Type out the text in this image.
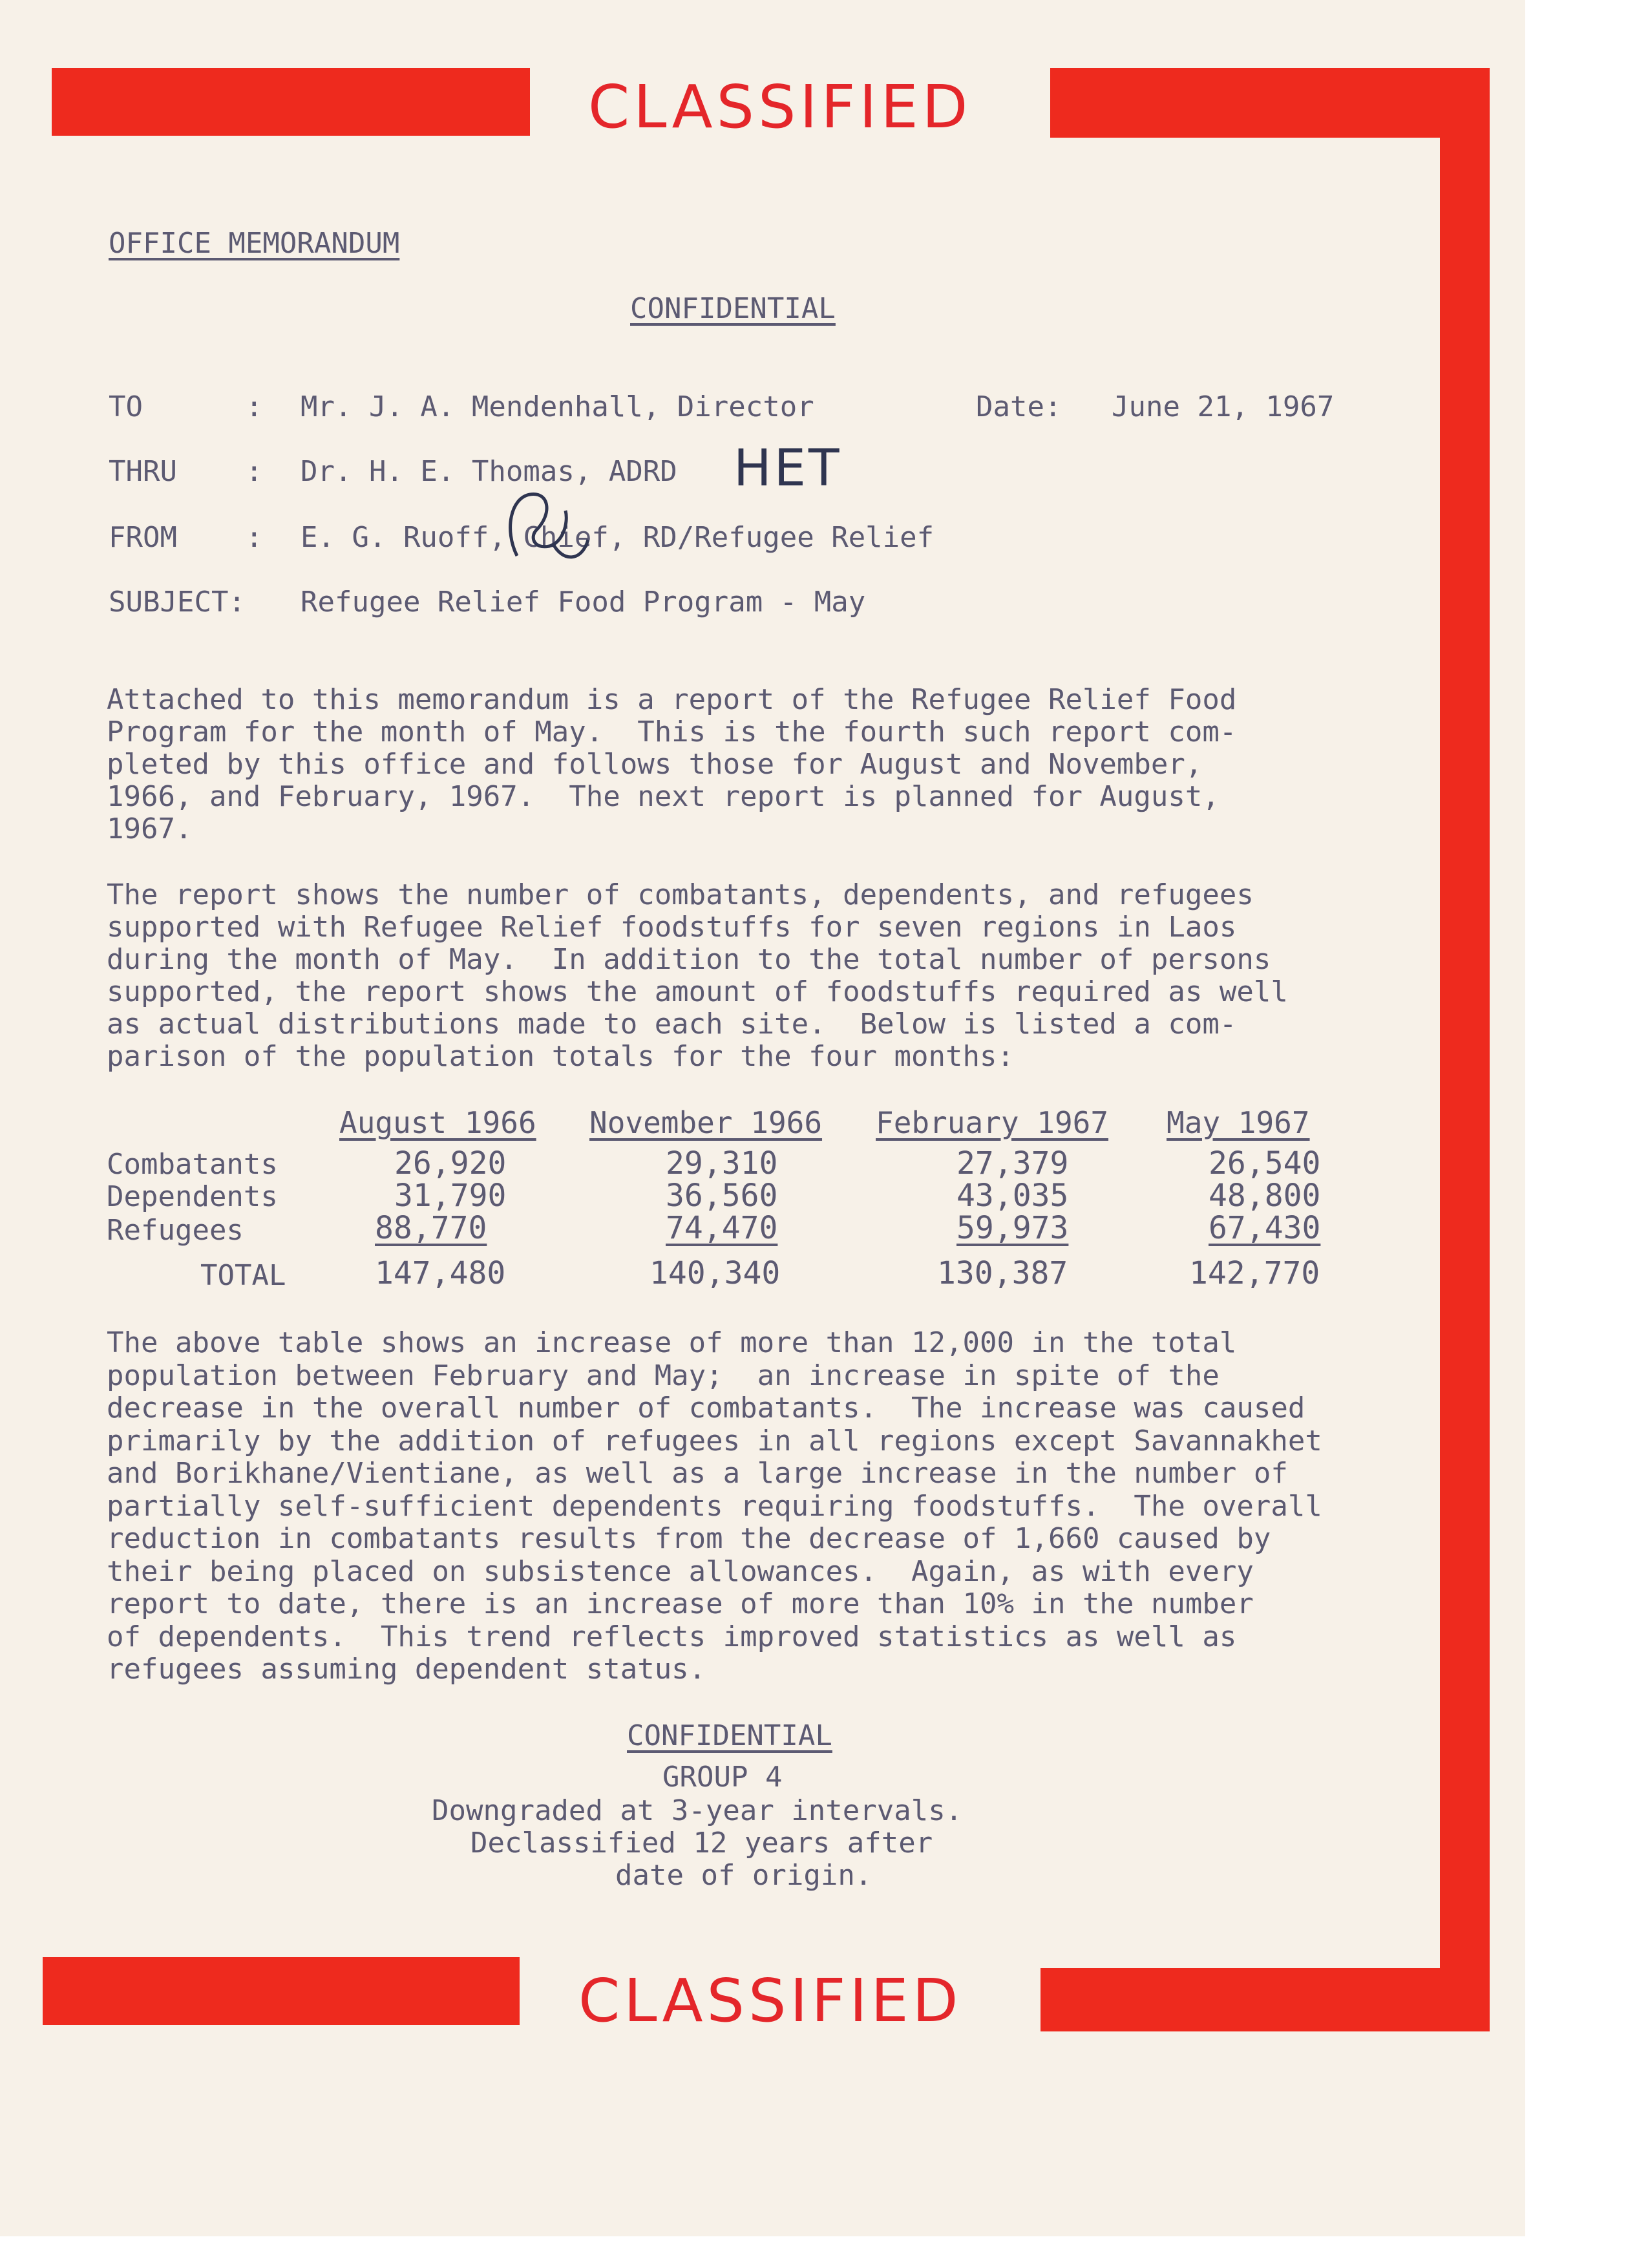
CLASSIFIED
CLASSIFIED
OFFICE MEMORANDUM
CONFIDENTIAL
TO	: Mr. J. A. Mendenhall, Director	Date: June 21, 1967
THRU : Dr. H. E. Thomas, ADRD HET
FROM : E. G. Ruoff, Chief, RD/Refugee Relief
SUBJECT: Refugee Relief Food Program - May
Attached to this memorandum is a report of the Refugee Relief Food
Program for the month of May.  This is the fourth such report com-
pleted by this office and follows those for August and November,
1966, and February, 1967.  The next report is planned for August,
1967.
The report shows the number of combatants, dependents, and refugees
supported with Refugee Relief foodstuffs for seven regions in Laos
during the month of May.  In addition to the total number of persons
supported, the report shows the amount of foodstuffs required as well
as actual distributions made to each site.  Below is listed a com-
parison of the population totals for the four months:
August 1966 November 1966 February 1967 May 1967
Combatants
Dependents
Refugees
TOTAL
26,920
31,790
88,770
147,480
29,310
36,560
74,470
140,340
27,379
43,035
59,973
130,387
26,540
48,800
67,430
142,770
The above table shows an increase of more than 12,000 in the total
population between February and May;  an increase in spite of the
decrease in the overall number of combatants.  The increase was caused
primarily by the addition of refugees in all regions except Savannakhet
and Borikhane/Vientiane, as well as a large increase in the number of
partially self-sufficient dependents requiring foodstuffs.  The overall
reduction in combatants results from the decrease of 1,660 caused by
their being placed on subsistence allowances.  Again, as with every
report to date, there is an increase of more than 10% in the number
of dependents.  This trend reflects improved statistics as well as
refugees assuming dependent status.
CONFIDENTIAL
GROUP 4
Downgraded at 3-year intervals.
Declassified 12 years after
date of origin.
